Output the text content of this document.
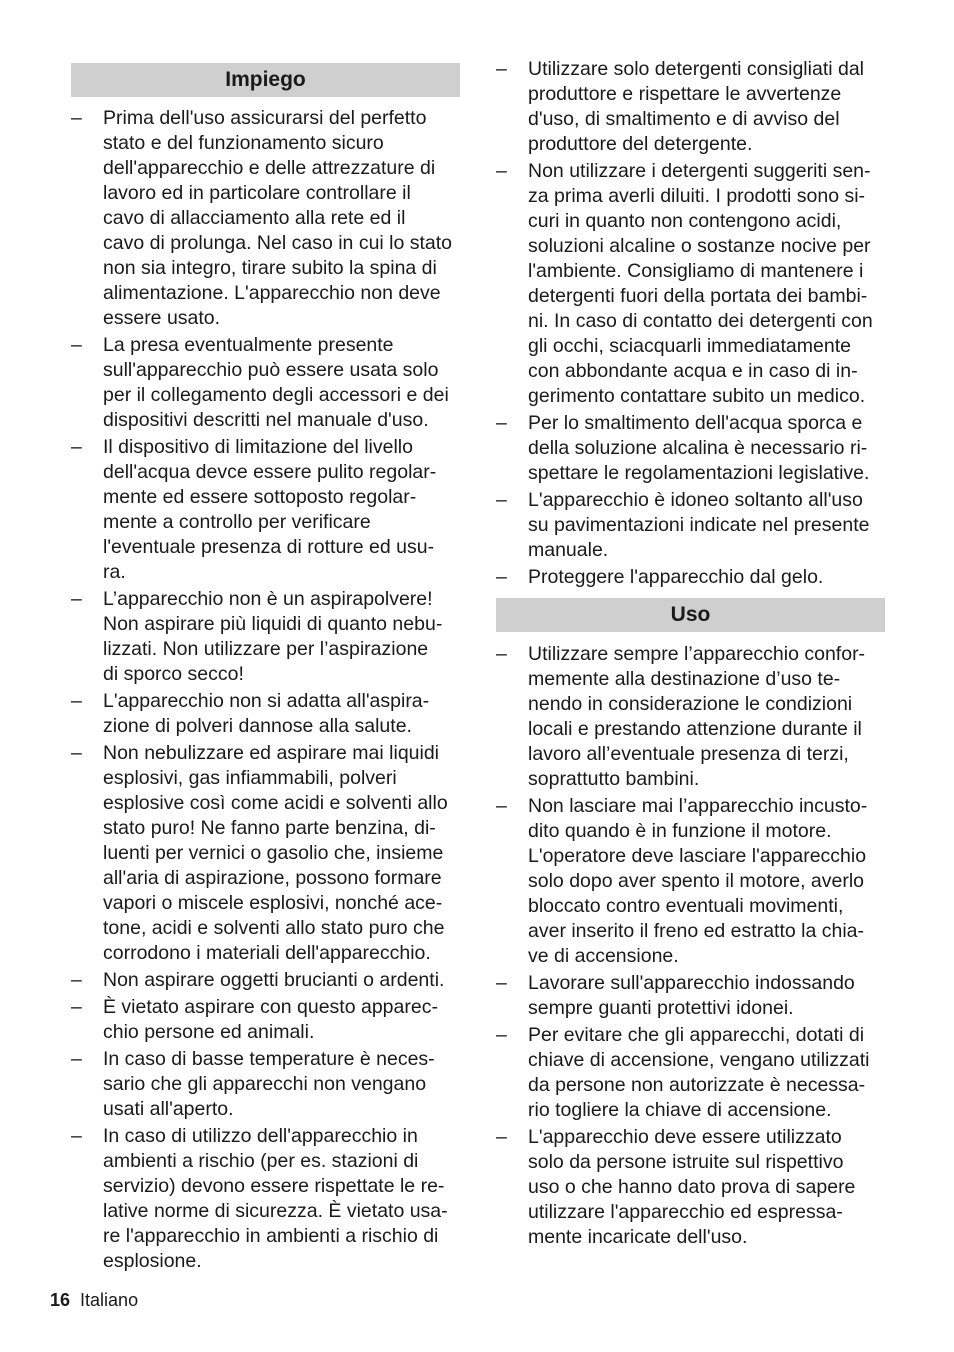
Impiego
– Prima dell'uso assicurarsi del perfetto
stato e del funzionamento sicuro
dell'apparecchio e delle attrezzature di
lavoro ed in particolare controllare il
cavo di allacciamento alla rete ed il
cavo di prolunga. Nel caso in cui lo stato
non sia integro, tirare subito la spina di
alimentazione. L'apparecchio non deve
essere usato.
– La presa eventualmente presente
sull'apparecchio può essere usata solo
per il collegamento degli accessori e dei
dispositivi descritti nel manuale d'uso.
– Il dispositivo di limitazione del livello
dell'acqua devce essere pulito regolar-
mente ed essere sottoposto regolar-
mente a controllo per verificare
l'eventuale presenza di rotture ed usu-
ra.
– L’apparecchio non è un aspirapolvere!
Non aspirare più liquidi di quanto nebu-
lizzati. Non utilizzare per l’aspirazione
di sporco secco!
– L'apparecchio non si adatta all'aspira-
zione di polveri dannose alla salute.
– Non nebulizzare ed aspirare mai liquidi
esplosivi, gas infiammabili, polveri
esplosive così come acidi e solventi allo
stato puro! Ne fanno parte benzina, di-
luenti per vernici o gasolio che, insieme
all'aria di aspirazione, possono formare
vapori o miscele esplosivi, nonché ace-
tone, acidi e solventi allo stato puro che
corrodono i materiali dell'apparecchio.
– Non aspirare oggetti brucianti o ardenti.
– È vietato aspirare con questo apparec-
chio persone ed animali.
– In caso di basse temperature è neces-
sario che gli apparecchi non vengano
usati all'aperto.
– In caso di utilizzo dell'apparecchio in
ambienti a rischio (per es. stazioni di
servizio) devono essere rispettate le re-
lative norme di sicurezza. È vietato usa-
re l'apparecchio in ambienti a rischio di
esplosione.
– Utilizzare solo detergenti consigliati dal
produttore e rispettare le avvertenze
d'uso, di smaltimento e di avviso del
produttore del detergente.
– Non utilizzare i detergenti suggeriti sen-
za prima averli diluiti. I prodotti sono si-
curi in quanto non contengono acidi,
soluzioni alcaline o sostanze nocive per
l'ambiente. Consigliamo di mantenere i
detergenti fuori della portata dei bambi-
ni. In caso di contatto dei detergenti con
gli occhi, sciacquarli immediatamente
con abbondante acqua e in caso di in-
gerimento contattare subito un medico.
– Per lo smaltimento dell'acqua sporca e
della soluzione alcalina è necessario ri-
spettare le regolamentazioni legislative.
– L'apparecchio è idoneo soltanto all'uso
su pavimentazioni indicate nel presente
manuale.
– Proteggere l'apparecchio dal gelo.
Uso
– Utilizzare sempre l’apparecchio confor-
memente alla destinazione d’uso te-
nendo in considerazione le condizioni
locali e prestando attenzione durante il
lavoro all’eventuale presenza di terzi,
soprattutto bambini.
– Non lasciare mai l’apparecchio incusto-
dito quando è in funzione il motore.
L'operatore deve lasciare l'apparecchio
solo dopo aver spento il motore, averlo
bloccato contro eventuali movimenti,
aver inserito il freno ed estratto la chia-
ve di accensione.
– Lavorare sull'apparecchio indossando
sempre guanti protettivi idonei.
– Per evitare che gli apparecchi, dotati di
chiave di accensione, vengano utilizzati
da persone non autorizzate è necessa-
rio togliere la chiave di accensione.
– L'apparecchio deve essere utilizzato
solo da persone istruite sul rispettivo
uso o che hanno dato prova di sapere
utilizzare l'apparecchio ed espressa-
mente incaricate dell'uso.
16 Italiano
